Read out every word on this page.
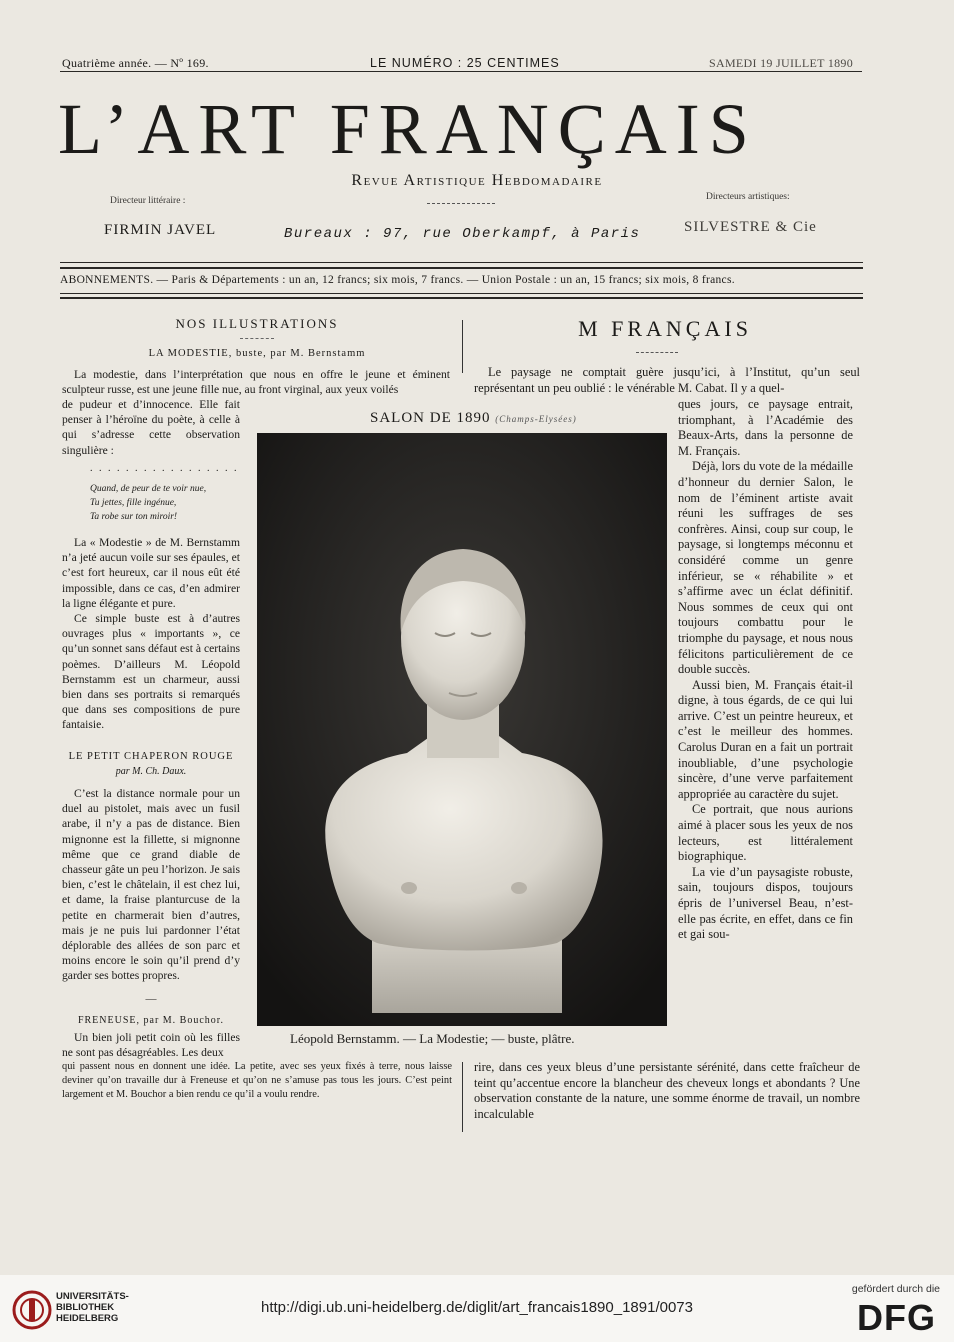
Quatrième année. — Nº 169.	LE NUMÉRO : 25 CENTIMES	SAMEDI 19 JUILLET 1890
L’ART FRANÇAIS
Revue Artistique Hebdomadaire
Directeur littéraire :
FIRMIN JAVEL
Directeurs artistiques:
SILVESTRE & Cie
Bureaux : 97, rue Oberkampf, à Paris
ABONNEMENTS. — Paris & Départements : un an, 12 francs; six mois, 7 francs. — Union Postale : un an, 15 francs; six mois, 8 francs.
NOS ILLUSTRATIONS
LA MODESTIE, buste, par M. Bernstamm

La modestie, dans l’interprétation que nous en offre le jeune et éminent sculpteur russe, est une jeune fille nue, au front virginal, aux yeux voilés

de pudeur et d’innocence. Elle fait penser à l’héroïne du poète, à celle à qui s’adresse cette observation singulière :

. . . . . . . . . . . . . . . . .
Quand, de peur de te voir nue,
Tu jettes, fille ingénue,
Ta robe sur ton miroir!

La « Modestie » de M. Bernstamm n’a jeté aucun voile sur ses épaules, et c’est fort heureux, car il nous eût été impossible, dans ce cas, d’en admirer la ligne élégante et pure.

Ce simple buste est à d’autres ouvrages plus « importants », ce qu’un sonnet sans défaut est à certains poèmes. D’ailleurs M. Léopold Bernstamm est un charmeur, aussi bien dans ses portraits si remarqués que dans ses compositions de pure fantaisie.

LE PETIT CHAPERON ROUGE
par M. Ch. Daux.

C’est la distance normale pour un duel au pistolet, mais avec un fusil arabe, il n’y a pas de distance. Bien mignonne est la fillette, si mignonne même que ce grand diable de chasseur gâte un peu l’horizon. Je sais bien, c’est le châtelain, il est chez lui, et dame, la fraise planturcuse de la petite en charmerait bien d’autres, mais je ne puis lui pardonner l’état déplorable des allées de son parc et moins encore le soin qu’il prend d’y garder ses bottes propres.

—
FRENEUSE, par M. Bouchor.

Un bien joli petit coin où les filles ne sont pas désagréables. Les deux

qui passent nous en donnent une idée. La petite, avec ses yeux fixés à terre, nous laisse deviner qu’on travaille dur à Freneuse et qu’on ne s’amuse pas tous les jours. C’est peint largement et M. Bouchor a bien rendu ce qu’il a voulu rendre.

M FRANÇAIS
Le paysage ne comptait guère jusqu’ici, à l’Institut, qu’un seul représentant un peu oublié : le vénérable M. Cabat. Il y a quel-

ques jours, ce paysage entrait, triomphant, à l’Académie des Beaux-Arts, dans la personne de M. Français.

Déjà, lors du vote de la médaille d’honneur du dernier Salon, le nom de l’éminent artiste avait réuni les suffrages de ses confrères. Ainsi, coup sur coup, le paysage, si longtemps méconnu et considéré comme un genre inférieur, se « réhabilite » et s’affirme avec un éclat définitif. Nous sommes de ceux qui ont toujours combattu pour le triomphe du paysage, et nous nous félicitons particulièrement de ce double succès.

Aussi bien, M. Français était-il digne, à tous égards, de ce qui lui arrive. C’est un peintre heureux, et c’est le meilleur des hommes. Carolus Duran en a fait un portrait inoubliable, d’une psychologie sincère, d’une verve parfaitement appropriée au caractère du sujet.

Ce portrait, que nous aurions aimé à placer sous les yeux de nos lecteurs, est littéralement biographique.

La vie d’un paysagiste robuste, sain, toujours dispos, toujours épris de l’universel Beau, n’est-elle pas écrite, en effet, dans ce fin et gai sou-

rire, dans ces yeux bleus d’une persistante sérénité, dans cette fraîcheur de teint qu’accentue encore la blancheur des cheveux longs et abondants ? Une observation constante de la nature, une somme énorme de travail, un nombre incalculable
SALON DE 1890 (Champs-Elysées)
Léopold Bernstamm. — La Modestie; — buste, plâtre.
UNIVERSITÄTS-
BIBLIOTHEK
HEIDELBERG
http://digi.ub.uni-heidelberg.de/diglit/art_francais1890_1891/0073
gefördert durch die
DFG
